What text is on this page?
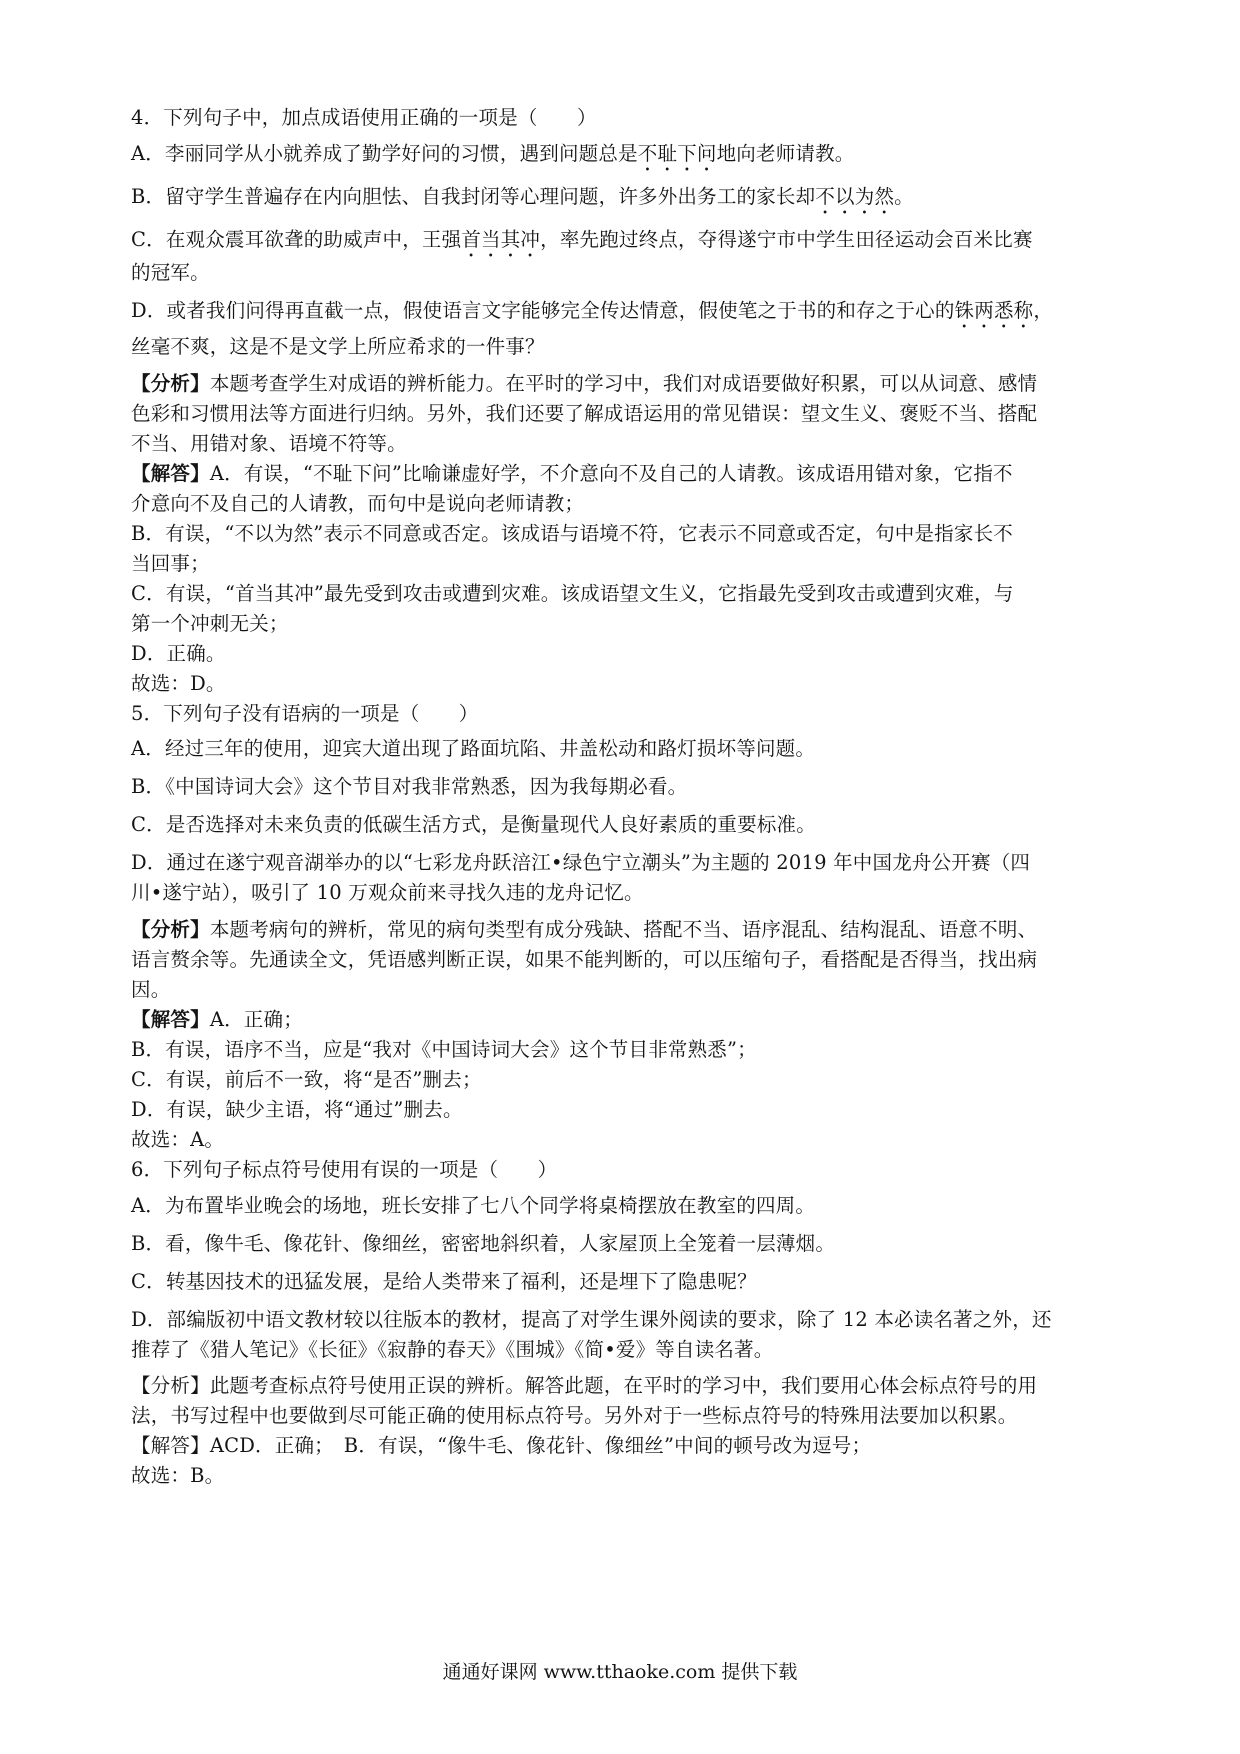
4．下列句子中，加点成语使用正确的一项是（　　）
A．李丽同学从小就养成了勤学好问的习惯，遇到问题总是不耻下问地向老师请教。
B．留守学生普遍存在内向胆怯、自我封闭等心理问题，许多外出务工的家长却不以为然。
C．在观众震耳欲聋的助威声中，王强首当其冲，率先跑过终点，夺得遂宁市中学生田径运动会百米比赛
的冠军。
D．或者我们问得再直截一点，假使语言文字能够完全传达情意，假使笔之于书的和存之于心的铢两悉称，
丝毫不爽，这是不是文学上所应希求的一件事？
【分析】本题考查学生对成语的辨析能力。在平时的学习中，我们对成语要做好积累，可以从词意、感情
色彩和习惯用法等方面进行归纳。另外，我们还要了解成语运用的常见错误：望文生义、褒贬不当、搭配
不当、用错对象、语境不符等。
【解答】A．有误，“不耻下问”比喻谦虚好学，不介意向不及自己的人请教。该成语用错对象，它指不
介意向不及自己的人请教，而句中是说向老师请教；
B．有误，“不以为然”表示不同意或否定。该成语与语境不符，它表示不同意或否定，句中是指家长不
当回事；
C．有误，“首当其冲”最先受到攻击或遭到灾难。该成语望文生义，它指最先受到攻击或遭到灾难，与
第一个冲刺无关；
D．正确。
故选：D。
5．下列句子没有语病的一项是（　　）
A．经过三年的使用，迎宾大道出现了路面坑陷、井盖松动和路灯损坏等问题。
B．《中国诗词大会》这个节目对我非常熟悉，因为我每期必看。
C．是否选择对未来负责的低碳生活方式，是衡量现代人良好素质的重要标准。
D．通过在遂宁观音湖举办的以“七彩龙舟跃涪江•绿色宁立潮头”为主题的 2019 年中国龙舟公开赛（四
川•遂宁站），吸引了 10 万观众前来寻找久违的龙舟记忆。
【分析】本题考病句的辨析，常见的病句类型有成分残缺、搭配不当、语序混乱、结构混乱、语意不明、
语言赘余等。先通读全文，凭语感判断正误，如果不能判断的，可以压缩句子，看搭配是否得当，找出病
因。
【解答】A．正确；
B．有误，语序不当，应是“我对《中国诗词大会》这个节目非常熟悉”；
C．有误，前后不一致，将“是否”删去；
D．有误，缺少主语，将“通过”删去。
故选：A。
6．下列句子标点符号使用有误的一项是（　　）
A．为布置毕业晚会的场地，班长安排了七八个同学将桌椅摆放在教室的四周。
B．看，像牛毛、像花针、像细丝，密密地斜织着，人家屋顶上全笼着一层薄烟。
C．转基因技术的迅猛发展，是给人类带来了福利，还是埋下了隐患呢？
D．部编版初中语文教材较以往版本的教材，提高了对学生课外阅读的要求，除了 12 本必读名著之外，还
推荐了《猎人笔记》《长征》《寂静的春天》《围城》《简•爱》等自读名著。
【分析】此题考查标点符号使用正误的辨析。解答此题，在平时的学习中，我们要用心体会标点符号的用
法，书写过程中也要做到尽可能正确的使用标点符号。另外对于一些标点符号的特殊用法要加以积累。
【解答】ACD．正确；　B．有误，“像牛毛、像花针、像细丝”中间的顿号改为逗号；
故选：B。
通通好课网 www.tthaoke.com 提供下载
